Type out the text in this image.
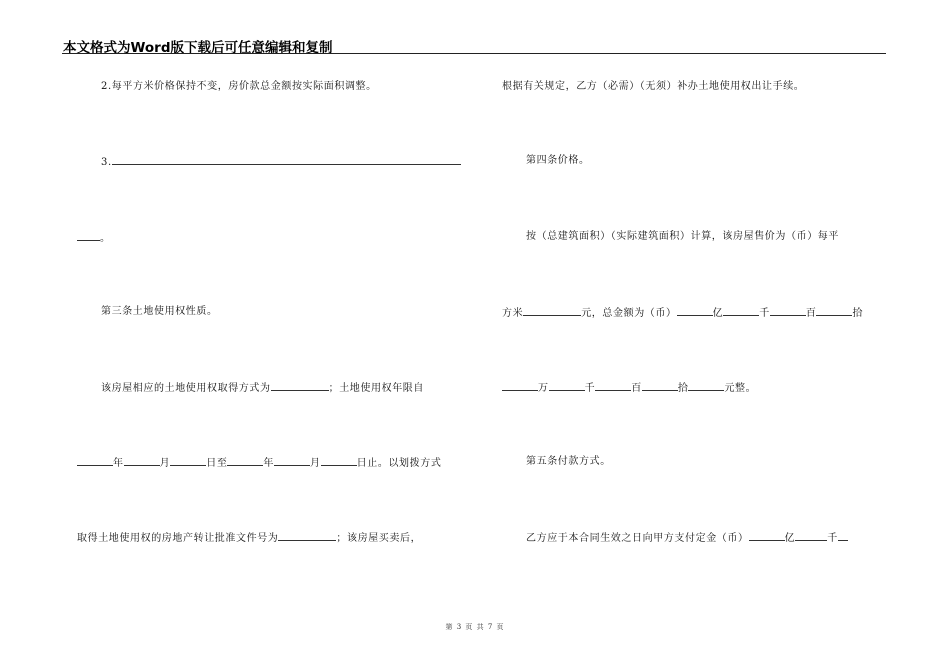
本文格式为Word版下载后可任意编辑和复制
2.每平方米价格保持不变，房价款总金额按实际面积调整。
3.
。
第三条土地使用权性质。
该房屋相应的土地使用权取得方式为	；土地使用权年限自
年	月	日至	年	月	日止。以划拨方式
取得土地使用权的房地产转让批准文件号为	；该房屋买卖后，
根据有关规定，乙方（必需）（无须）补办土地使用权出让手续。
第四条价格。
按（总建筑面积）（实际建筑面积）计算，该房屋售价为（币）每平
方米	元，总金额为（币）	亿	千	百	拾
万	千	百	拾	元整。
第五条付款方式。
乙方应于本合同生效之日向甲方支付定金（币）	亿	千
第 3 页 共 7 页
